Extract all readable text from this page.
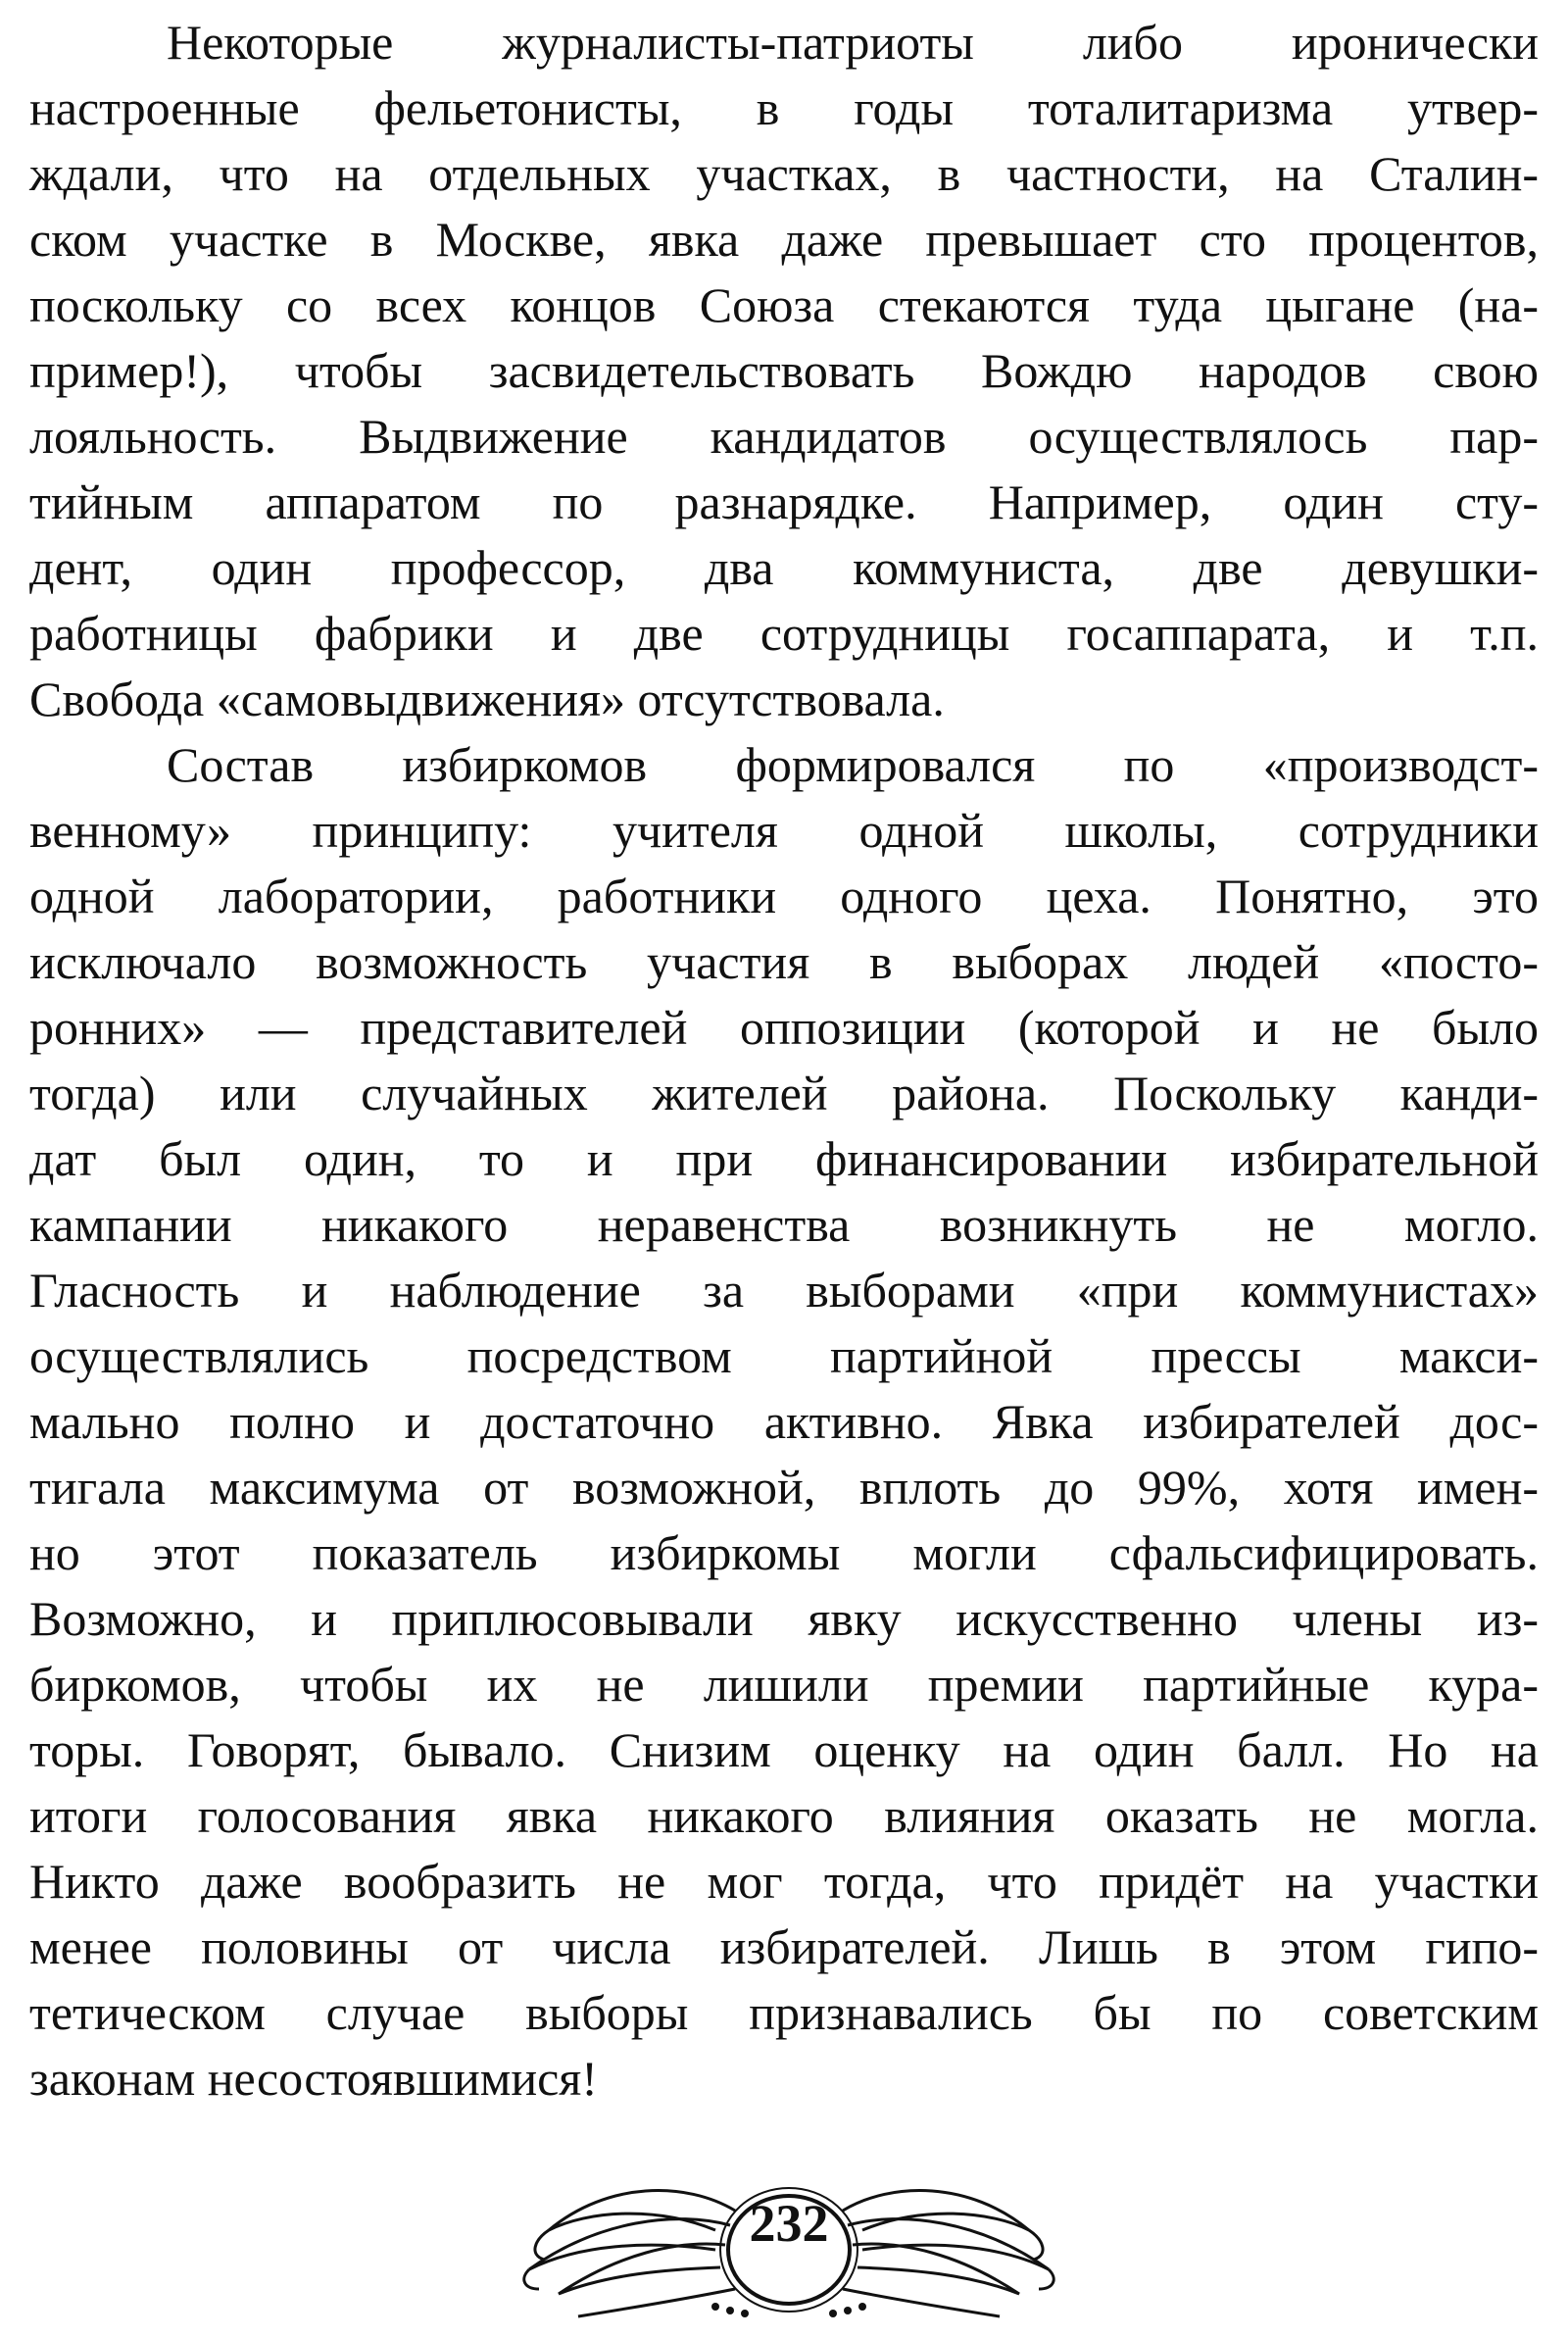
Некоторые журналисты-патриоты либо иронически
настроенные фельетонисты, в годы тоталитаризма утвер-
ждали, что на отдельных участках, в частности, на Сталин-
ском участке в Москве, явка даже превышает сто процентов,
поскольку со всех концов Союза стекаются туда цыгане (на-
пример!), чтобы засвидетельствовать Вождю народов свою
лояльность. Выдвижение кандидатов осуществлялось пар-
тийным аппаратом по разнарядке. Например, один сту-
дент, один профессор, два коммуниста, две девушки-
работницы фабрики и две сотрудницы госаппарата, и т.п.
Свобода «самовыдвижения» отсутствовала.
Состав избиркомов формировался по «производст-
венному» принципу: учителя одной школы, сотрудники
одной лаборатории, работники одного цеха. Понятно, это
исключало возможность участия в выборах людей «посто-
ронних» — представителей оппозиции (которой и не было
тогда) или случайных жителей района. Поскольку канди-
дат был один, то и при финансировании избирательной
кампании никакого неравенства возникнуть не могло.
Гласность и наблюдение за выборами «при коммунистах»
осуществлялись посредством партийной прессы макси-
мально полно и достаточно активно. Явка избирателей дос-
тигала максимума от возможной, вплоть до 99%, хотя имен-
но этот показатель избиркомы могли сфальсифицировать.
Возможно, и приплюсовывали явку искусственно члены из-
биркомов, чтобы их не лишили премии партийные кура-
торы. Говорят, бывало. Снизим оценку на один балл. Но на
итоги голосования явка никакого влияния оказать не могла.
Никто даже вообразить не мог тогда, что придёт на участки
менее половины от числа избирателей. Лишь в этом гипо-
тетическом случае выборы признавались бы по советским
законам несостоявшимися!
232
